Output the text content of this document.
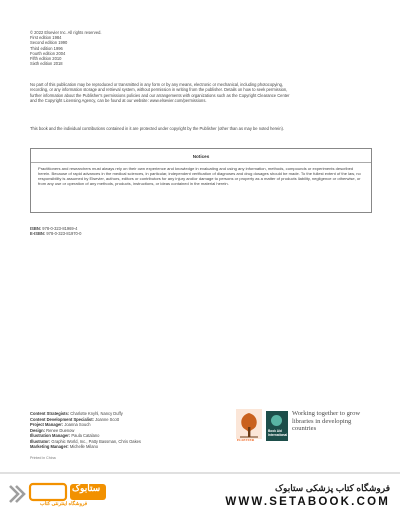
© 2022 Elsevier Inc. All rights reserved.
First edition 1984
Second edition 1990
Third edition 1996
Fourth edition 2004
Fifth edition 2010
Sixth edition 2018

No part of this publication may be reproduced or transmitted in any form or by any means, electronic or mechanical, including photocopying, recording, or any information storage and retrieval system, without permission in writing from the publisher. Details on how to seek permission, further information about the Publisher's permissions policies and our arrangements with organizations such as the Copyright Clearance Center and the Copyright Licensing Agency, can be found at our website: www.elsevier.com/permissions.

This book and the individual contributions contained in it are protected under copyright by the Publisher (other than as may be noted herein).

Notices

Practitioners and researchers must always rely on their own experience and knowledge in evaluating and using any information, methods, compounds or experiments described herein. Because of rapid advances in the medical sciences, in particular, independent verification of diagnoses and drug dosages should be made. To the fullest extent of the law, no responsibility is assumed by Elsevier, authors, editors or contributors for any injury and/or damage to persons or property as a matter of products liability, negligence or otherwise, or from any use or operation of any methods, products, instructions, or ideas contained in the material herein.

ISBN: 978-0-323-81969-4
E-ISBN: 978-0-323-81970-0
Content Strategists: Charlotte Knyhl, Nancy Duffy
Content Development Specialist: Joanne Scott
Project Manager: Joanna Souch
Design: Renee Duenow
Illustration Manager: Paula Catalano
Illustrator: Graphic World, Inc., Patty Bassman, Chris Oakes
Marketing Manager: Michelle Milano
ELSEVIER
Book Aid International
Working together to grow libraries in developing countries
Printed in China
ستابوک
فروشگاه اینترنتی کتاب
فروشگاه کتاب پزشکی ستابوک
WWW.SETABOOK.COM
